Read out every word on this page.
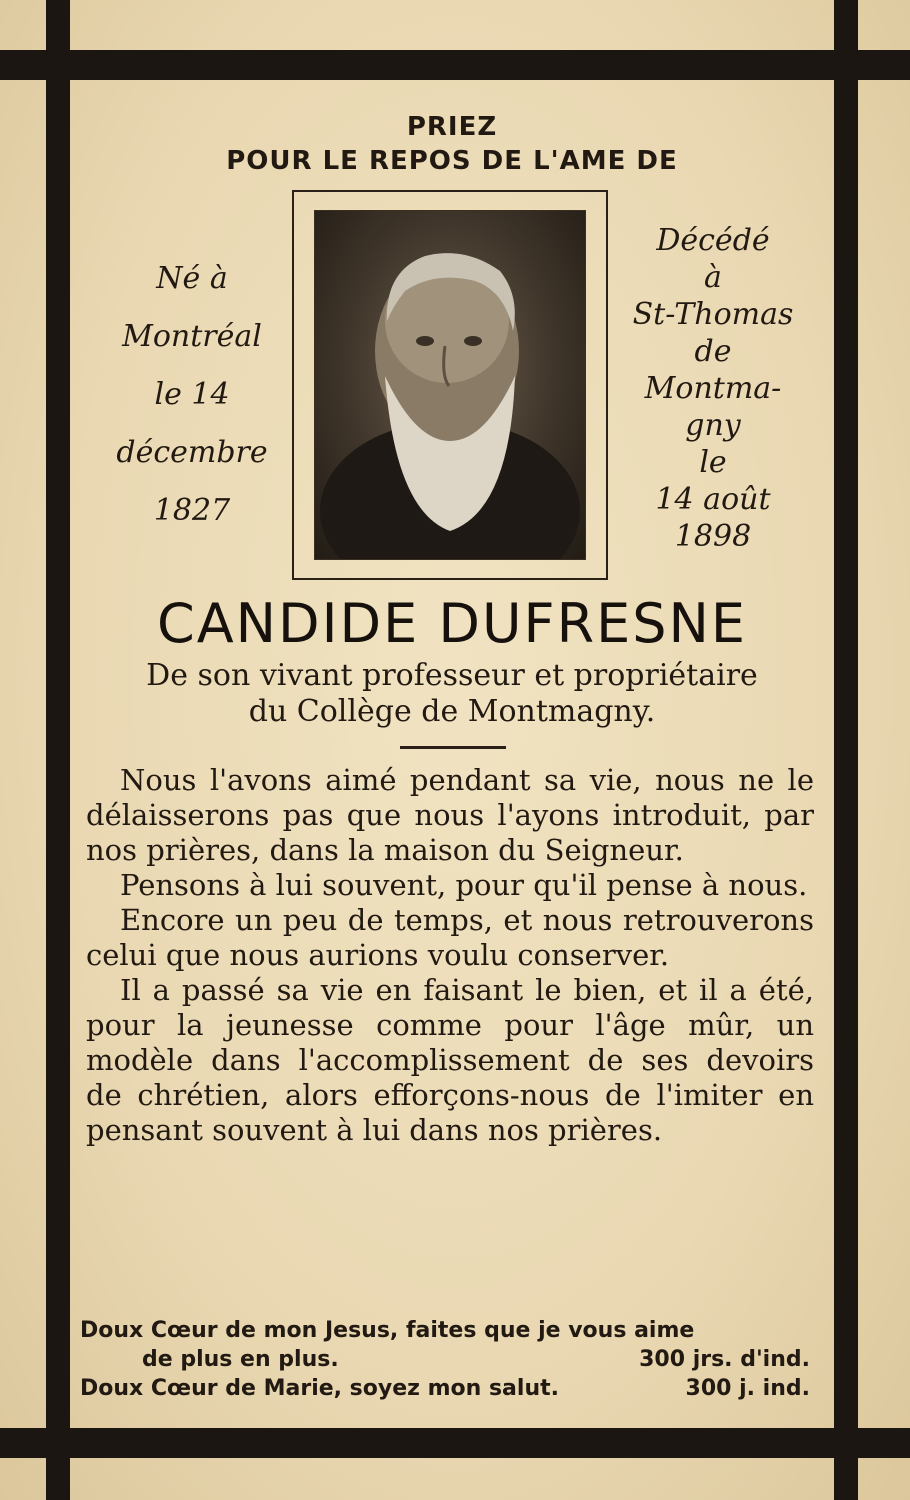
PRIEZ
POUR LE REPOS DE L'AME DE
Né à
Montréal
le 14
décembre
1827
Décédé
à
St-Thomas
de
Montma-
gny
le
14 août
1898
CANDIDE DUFRESNE
De son vivant professeur et propriétaire
du Collège de Montmagny.

Nous l'avons aimé pendant sa vie, nous ne le délaisserons pas que nous l'ayons introduit, par nos prières, dans la maison du Seigneur.

Pensons à lui souvent, pour qu'il pense à nous.

Encore un peu de temps, et nous retrouverons celui que nous aurions voulu conserver.

Il a passé sa vie en faisant le bien, et il a été, pour la jeunesse comme pour l'âge mûr, un modèle dans l'accomplissement de ses devoirs de chrétien, alors efforçons-nous de l'imiter en pensant souvent à lui dans nos prières.

Doux Cœur de mon Jesus, faites que je vous aime
de plus en plus.	300 jrs. d'ind.
Doux Cœur de Marie, soyez mon salut.	300 j. ind.
